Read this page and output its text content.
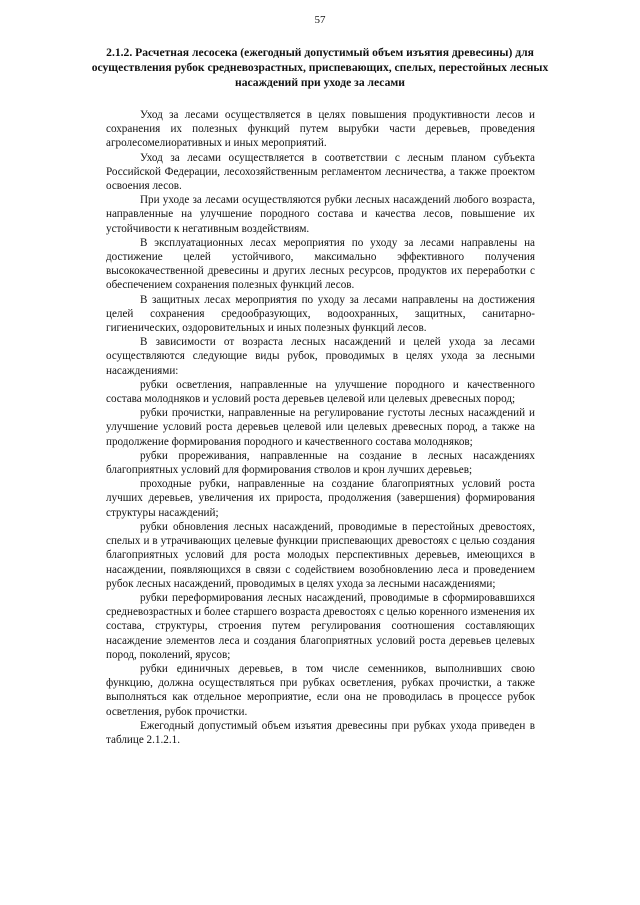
57
2.1.2. Расчетная лесосека (ежегодный допустимый объем изъятия древесины) для осуществления рубок средневозрастных, приспевающих, спелых, перестойных лесных насаждений при уходе за лесами

Уход за лесами осуществляется в целях повышения продуктивности лесов и сохранения их полезных функций путем вырубки части деревьев, проведения агролесомелиоративных и иных мероприятий.

Уход за лесами осуществляется в соответствии с лесным планом субъекта Российской Федерации, лесохозяйственным регламентом лесничества, а также проектом освоения лесов.

При уходе за лесами осуществляются рубки лесных насаждений любого возраста, направленные на улучшение породного состава и качества лесов, повышение их устойчивости к негативным воздействиям.

В эксплуатационных лесах мероприятия по уходу за лесами направлены на достижение целей устойчивого, максимально эффективного получения высококачественной древесины и других лесных ресурсов, продуктов их переработки с обеспечением сохранения полезных функций лесов.

В защитных лесах мероприятия по уходу за лесами направлены на достижения целей сохранения средообразующих, водоохранных, защитных, санитарно-гигиенических, оздоровительных и иных полезных функций лесов.

В зависимости от возраста лесных насаждений и целей ухода за лесами осуществляются следующие виды рубок, проводимых в целях ухода за лесными насаждениями:

рубки осветления, направленные на улучшение породного и качественного состава молодняков и условий роста деревьев целевой или целевых древесных пород;

рубки прочистки, направленные на регулирование густоты лесных насаждений и улучшение условий роста деревьев целевой или целевых древесных пород, а также на продолжение формирования породного и качественного состава молодняков;

рубки прореживания, направленные на создание в лесных насаждениях благоприятных условий для формирования стволов и крон лучших деревьев;

проходные рубки, направленные на создание благоприятных условий роста лучших деревьев, увеличения их прироста, продолжения (завершения) формирования структуры насаждений;

рубки обновления лесных насаждений, проводимые в перестойных древостоях, спелых и в утрачивающих целевые функции приспевающих древостоях с целью создания благоприятных условий для роста молодых перспективных деревьев, имеющихся в насаждении, появляющихся в связи с содействием возобновлению леса и проведением рубок лесных насаждений, проводимых в целях ухода за лесными насаждениями;

рубки переформирования лесных насаждений, проводимые в сформировавшихся средневозрастных и более старшего возраста древостоях с целью коренного изменения их состава, структуры, строения путем регулирования соотношения составляющих насаждение элементов леса и создания благоприятных условий роста деревьев целевых пород, поколений, ярусов;

рубки единичных деревьев, в том числе семенников, выполнивших свою функцию, должна осуществляться при рубках осветления, рубках прочистки, а также выполняться как отдельное мероприятие, если она не проводилась в процессе рубок осветления, рубок прочистки.

Ежегодный допустимый объем изъятия древесины при рубках ухода приведен в таблице 2.1.2.1.
